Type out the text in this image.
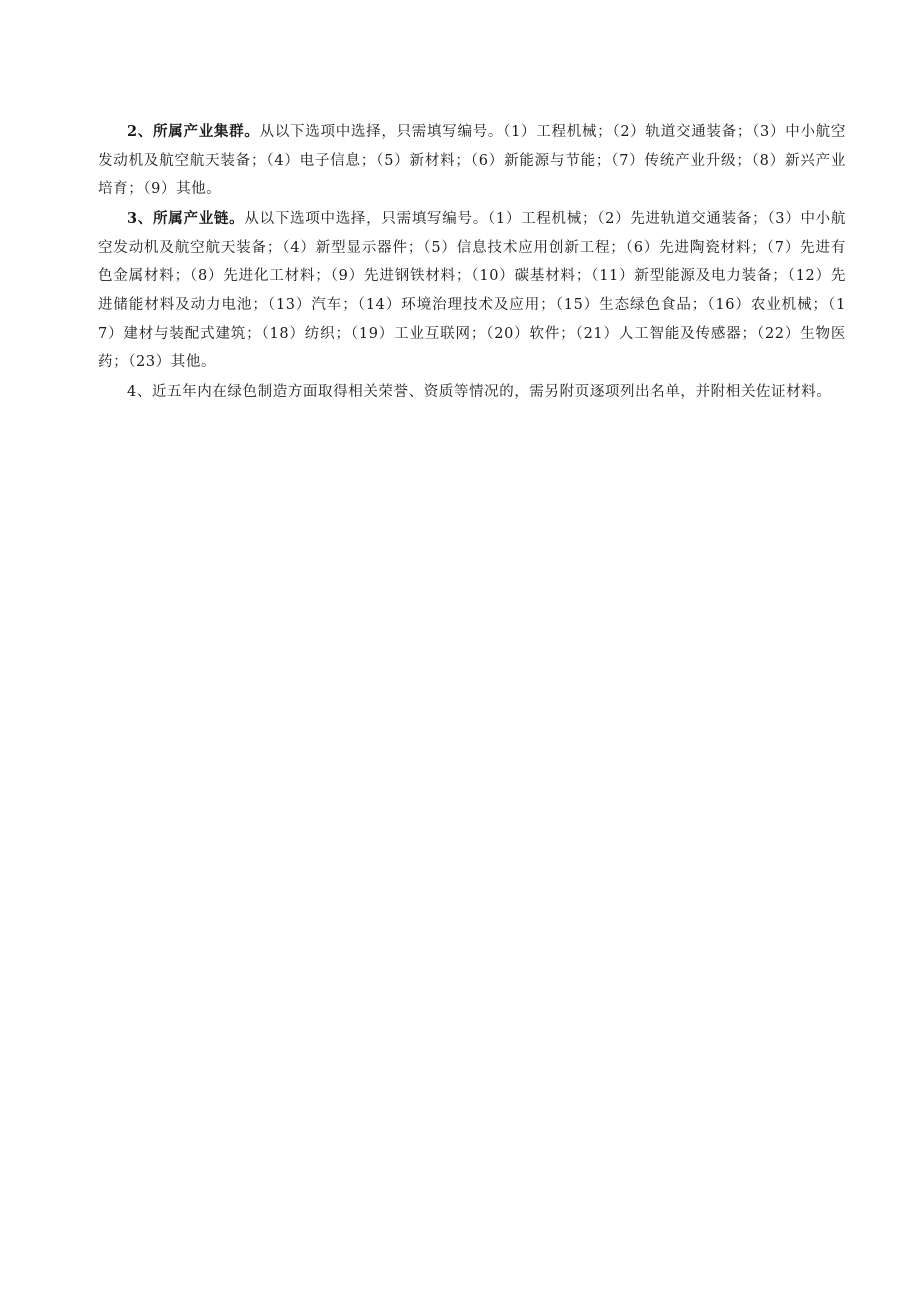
2、所属产业集群。从以下选项中选择，只需填写编号。（1）工程机械；（2）轨道交通装备；（3）中小航空发动机及航空航天装备；（4）电子信息；（5）新材料；（6）新能源与节能；（7）传统产业升级；（8）新兴产业培育；（9）其他。

3、所属产业链。从以下选项中选择，只需填写编号。（1）工程机械；（2）先进轨道交通装备；（3）中小航空发动机及航空航天装备；（4）新型显示器件；（5）信息技术应用创新工程；（6）先进陶瓷材料；（7）先进有色金属材料；（8）先进化工材料；（9）先进钢铁材料；（10）碳基材料；（11）新型能源及电力装备；（12）先进储能材料及动力电池；（13）汽车；（14）环境治理技术及应用；（15）生态绿色食品；（16）农业机械；（17）建材与装配式建筑；（18）纺织；（19）工业互联网；（20）软件；（21）人工智能及传感器；（22）生物医药；（23）其他。

4、近五年内在绿色制造方面取得相关荣誉、资质等情况的，需另附页逐项列出名单，并附相关佐证材料。
